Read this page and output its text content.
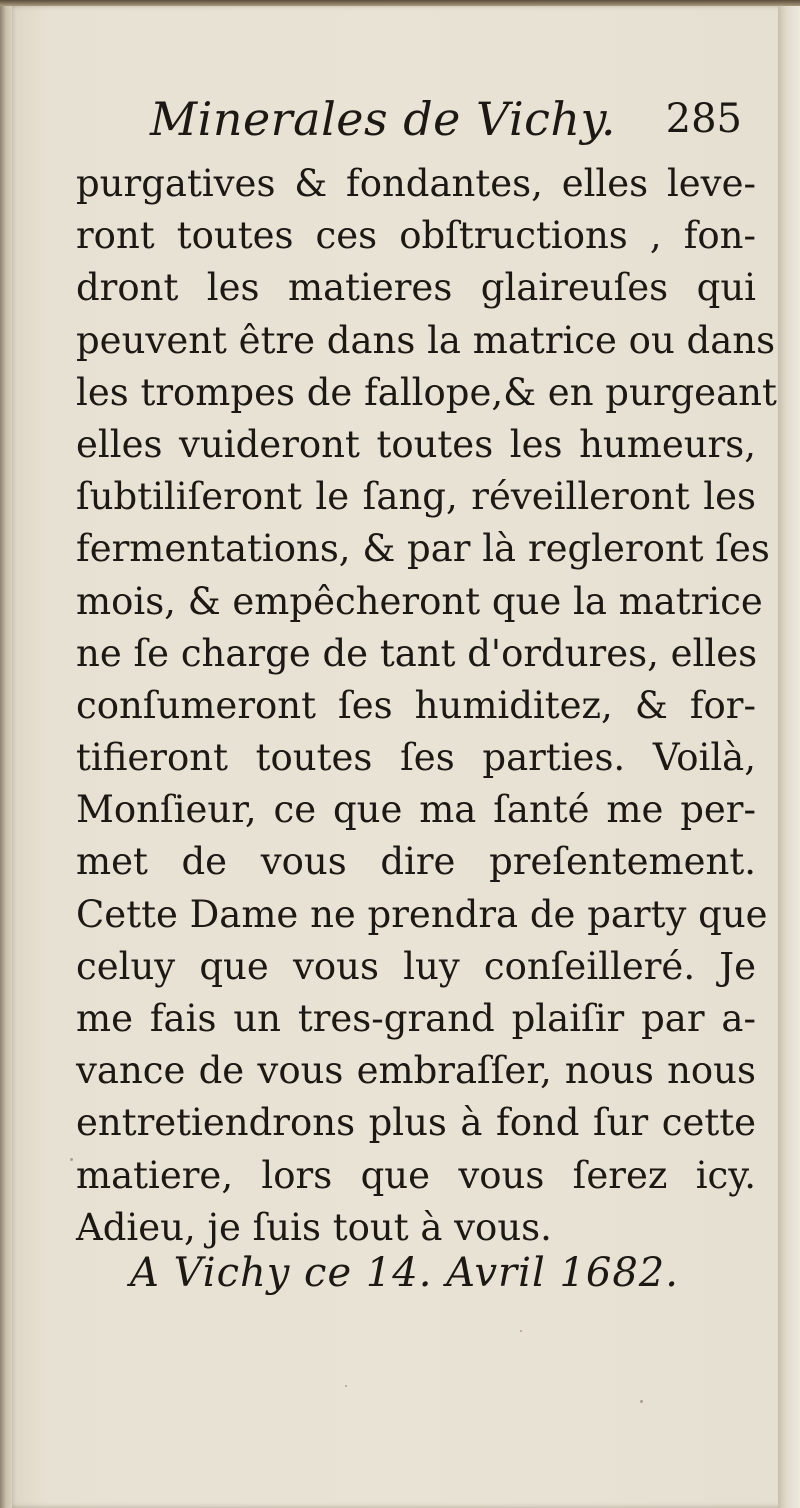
Minerales de Vichy. 285
purgatives & fondantes, elles leve-
ront toutes ces obſtructions , fon-
dront les matieres glaireuſes qui
peuvent être dans la matrice ou dans
les trompes de fallope,& en purgeant
elles vuideront toutes les humeurs,
ſubtiliſeront le ſang, réveilleront les
fermentations, & par là regleront ſes
mois, & empêcheront que la matrice
ne ſe charge de tant d'ordures, elles
conſumeront ſes humiditez, & for-
tifieront toutes ſes parties. Voilà,
Monſieur, ce que ma ſanté me per-
met de vous dire preſentement.
Cette Dame ne prendra de party que
celuy que vous luy conſeilleré. Je
me fais un tres-grand plaiſir par a-
vance de vous embraſſer, nous nous
entretiendrons plus à fond ſur cette
matiere, lors que vous ſerez icy.
Adieu, je ſuis tout à vous.
A Vichy ce 14. Avril 1682.
